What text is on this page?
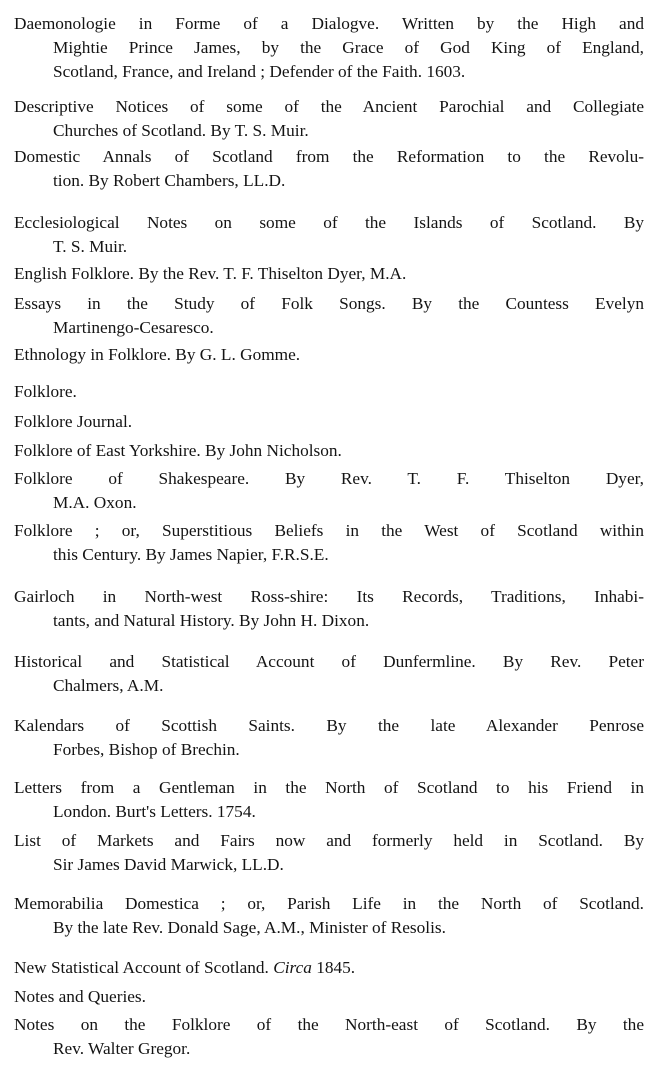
Daemonologie in Forme of a Dialogve. Written by the High and
Mightie Prince James, by the Grace of God King of England,
Scotland, France, and Ireland ; Defender of the Faith. 1603.
Descriptive Notices of some of the Ancient Parochial and Collegiate
Churches of Scotland. By T. S. Muir.
Domestic Annals of Scotland from the Reformation to the Revolu-
tion. By Robert Chambers, LL.D.
Ecclesiological Notes on some of the Islands of Scotland. By
T. S. Muir.
English Folklore. By the Rev. T. F. Thiselton Dyer, M.A.
Essays in the Study of Folk Songs. By the Countess Evelyn
Martinengo-Cesaresco.
Ethnology in Folklore. By G. L. Gomme.
Folklore.
Folklore Journal.
Folklore of East Yorkshire. By John Nicholson.
Folklore of Shakespeare. By Rev. T. F. Thiselton Dyer,
M.A. Oxon.
Folklore ; or, Superstitious Beliefs in the West of Scotland within
this Century. By James Napier, F.R.S.E.
Gairloch in North-west Ross-shire: Its Records, Traditions, Inhabi-
tants, and Natural History. By John H. Dixon.
Historical and Statistical Account of Dunfermline. By Rev. Peter
Chalmers, A.M.
Kalendars of Scottish Saints. By the late Alexander Penrose
Forbes, Bishop of Brechin.
Letters from a Gentleman in the North of Scotland to his Friend in
London. Burt's Letters. 1754.
List of Markets and Fairs now and formerly held in Scotland. By
Sir James David Marwick, LL.D.
Memorabilia Domestica ; or, Parish Life in the North of Scotland.
By the late Rev. Donald Sage, A.M., Minister of Resolis.
New Statistical Account of Scotland. Circa 1845.
Notes and Queries.
Notes on the Folklore of the North-east of Scotland. By the
Rev. Walter Gregor.
